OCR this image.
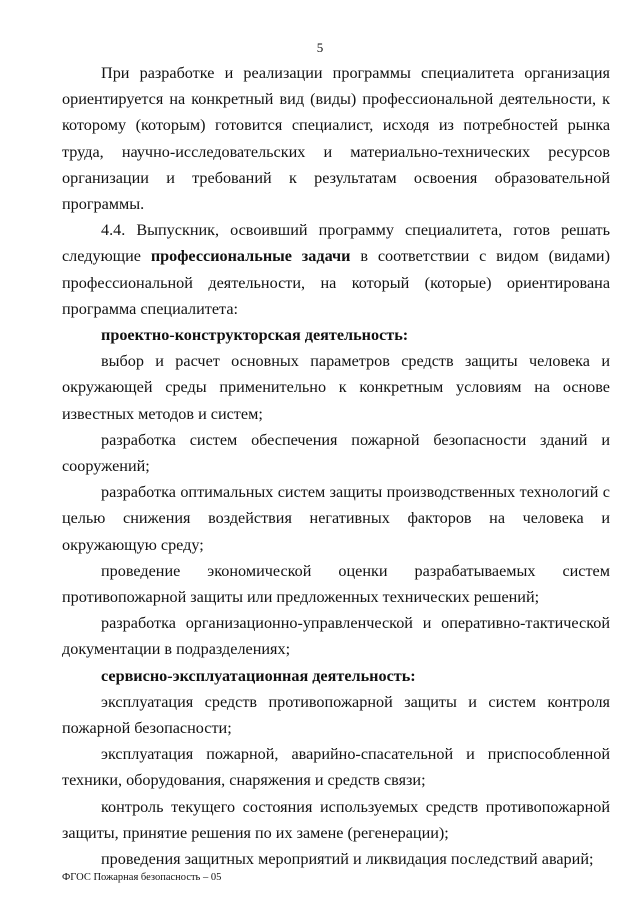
5

При разработке и реализации программы специалитета организация ориентируется на конкретный вид (виды) профессиональной деятельности, к которому (которым) готовится специалист, исходя из потребностей рынка труда, научно-исследовательских и материально-технических ресурсов организации и требований к результатам освоения образовательной программы.

4.4. Выпускник, освоивший программу специалитета, готов решать следующие профессиональные задачи в соответствии с видом (видами) профессиональной деятельности, на который (которые) ориентирована программа специалитета:

проектно-конструкторская деятельность:

выбор и расчет основных параметров средств защиты человека и окружающей среды применительно к конкретным условиям на основе известных методов и систем;

разработка систем обеспечения пожарной безопасности зданий и сооружений;

разработка оптимальных систем защиты производственных технологий с целью снижения воздействия негативных факторов на человека и окружающую среду;

проведение экономической оценки разрабатываемых систем противопожарной защиты или предложенных технических решений;

разработка организационно-управленческой и оперативно-тактической документации в подразделениях;

сервисно-эксплуатационная деятельность:

эксплуатация средств противопожарной защиты и систем контроля пожарной безопасности;

эксплуатация пожарной, аварийно-спасательной и приспособленной техники, оборудования, снаряжения и средств связи;

контроль текущего состояния используемых средств противопожарной защиты, принятие решения по их замене (регенерации);

проведения защитных мероприятий и ликвидация последствий аварий;

ФГОС Пожарная безопасность – 05
